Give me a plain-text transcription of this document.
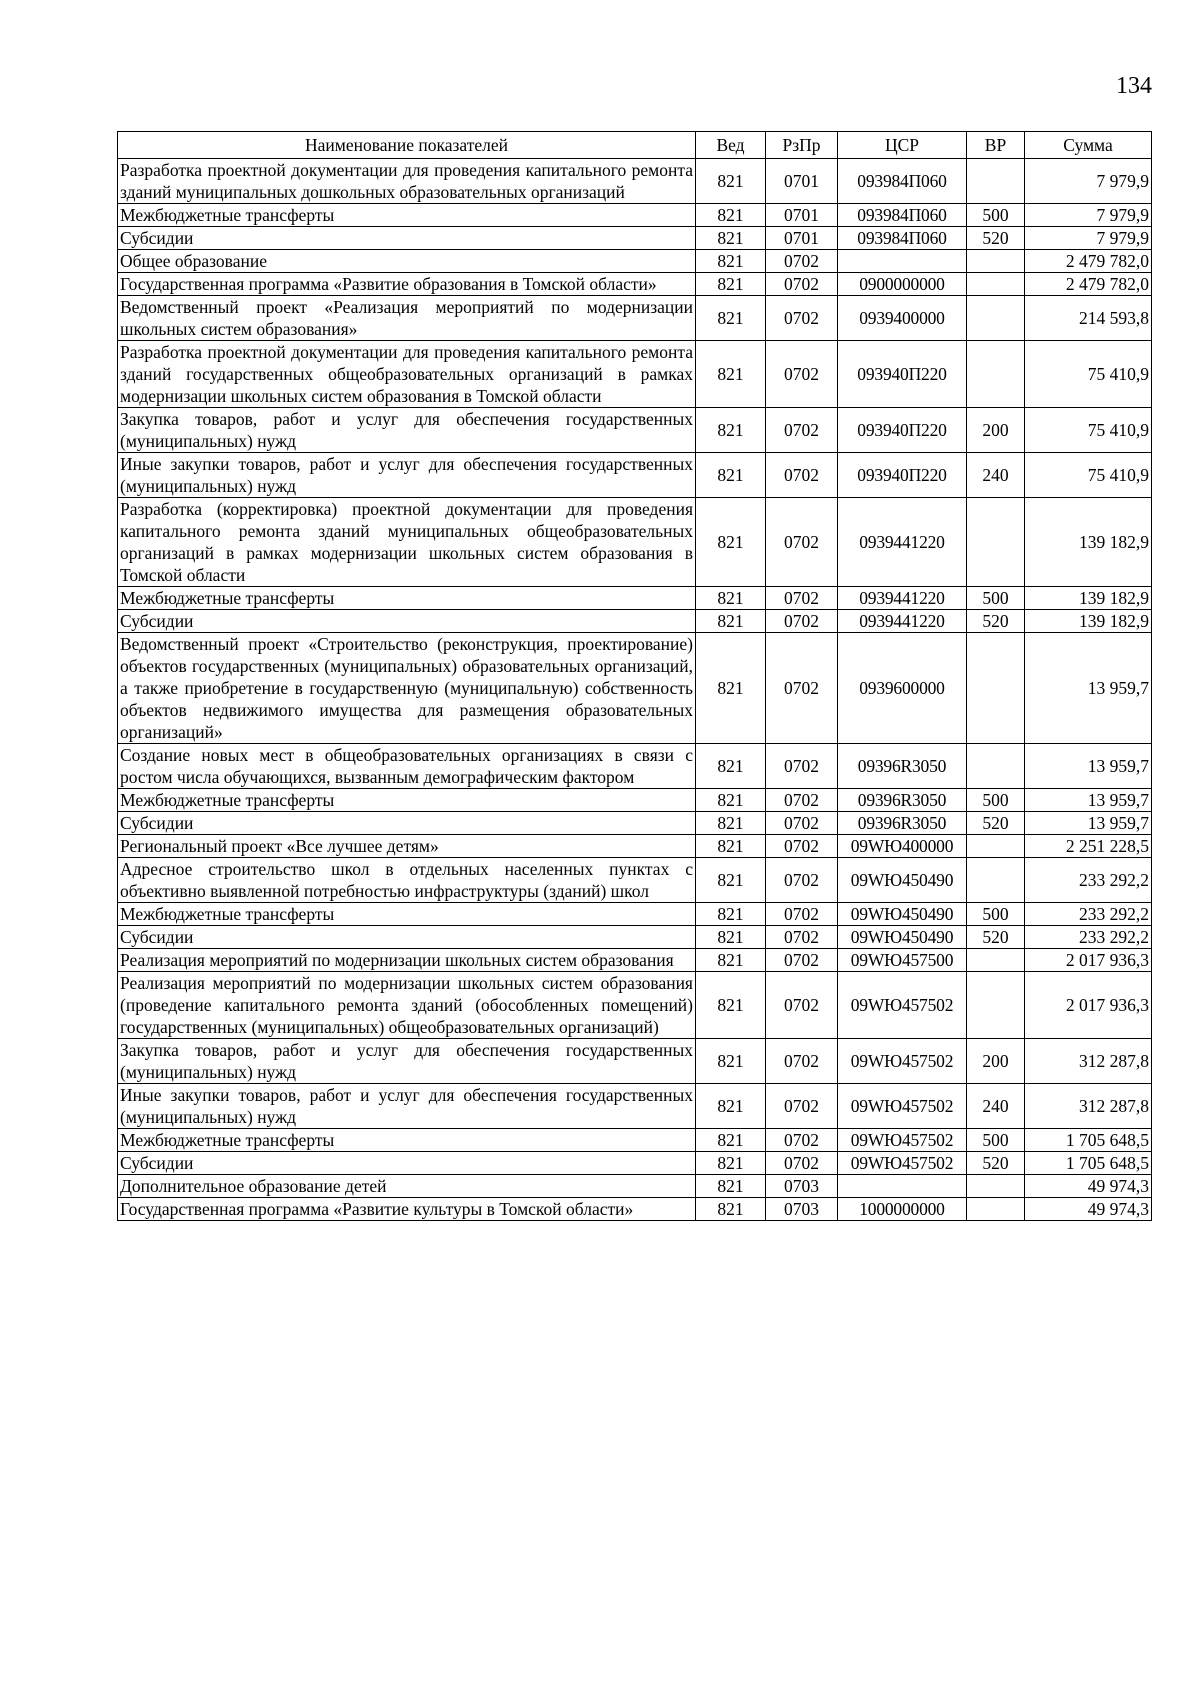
134
Наименование показателей	Вед	РзПр	ЦСР	ВР	Сумма
Разработка проектной документации для проведения капитального ремонта зданий муниципальных дошкольных образовательных организаций	821	0701	093984П060		7 979,9
Межбюджетные трансферты	821	0701	093984П060	500	7 979,9
Субсидии	821	0701	093984П060	520	7 979,9
Общее образование	821	0702			2 479 782,0
Государственная программа «Развитие образования в Томской области»	821	0702	0900000000		2 479 782,0
Ведомственный проект «Реализация мероприятий по модернизации школьных систем образования»	821	0702	0939400000		214 593,8
Разработка проектной документации для проведения капитального ремонта зданий государственных общеобразовательных организаций в рамках модернизации школьных систем образования в Томской области	821	0702	093940П220		75 410,9
Закупка товаров, работ и услуг для обеспечения государственных (муниципальных) нужд	821	0702	093940П220	200	75 410,9
Иные закупки товаров, работ и услуг для обеспечения государственных (муниципальных) нужд	821	0702	093940П220	240	75 410,9
Разработка (корректировка) проектной документации для проведения капитального ремонта зданий муниципальных общеобразовательных организаций в рамках модернизации школьных систем образования в Томской области	821	0702	0939441220		139 182,9
Межбюджетные трансферты	821	0702	0939441220	500	139 182,9
Субсидии	821	0702	0939441220	520	139 182,9
Ведомственный проект «Строительство (реконструкция, проектирование) объектов государственных (муниципальных) образовательных организаций, а также приобретение в государственную (муниципальную) собственность объектов недвижимого имущества для размещения образовательных организаций»	821	0702	0939600000		13 959,7
Создание новых мест в общеобразовательных организациях в связи с ростом числа обучающихся, вызванным демографическим фактором	821	0702	09396R3050		13 959,7
Межбюджетные трансферты	821	0702	09396R3050	500	13 959,7
Субсидии	821	0702	09396R3050	520	13 959,7
Региональный проект «Все лучшее детям»	821	0702	09WЮ400000		2 251 228,5
Адресное строительство школ в отдельных населенных пунктах с объективно выявленной потребностью инфраструктуры (зданий) школ	821	0702	09WЮ450490		233 292,2
Межбюджетные трансферты	821	0702	09WЮ450490	500	233 292,2
Субсидии	821	0702	09WЮ450490	520	233 292,2
Реализация мероприятий по модернизации школьных систем образования	821	0702	09WЮ457500		2 017 936,3
Реализация мероприятий по модернизации школьных систем образования (проведение капитального ремонта зданий (обособленных помещений) государственных (муниципальных) общеобразовательных организаций)	821	0702	09WЮ457502		2 017 936,3
Закупка товаров, работ и услуг для обеспечения государственных (муниципальных) нужд	821	0702	09WЮ457502	200	312 287,8
Иные закупки товаров, работ и услуг для обеспечения государственных (муниципальных) нужд	821	0702	09WЮ457502	240	312 287,8
Межбюджетные трансферты	821	0702	09WЮ457502	500	1 705 648,5
Субсидии	821	0702	09WЮ457502	520	1 705 648,5
Дополнительное образование детей	821	0703			49 974,3
Государственная программа «Развитие культуры в Томской области»	821	0703	1000000000		49 974,3
